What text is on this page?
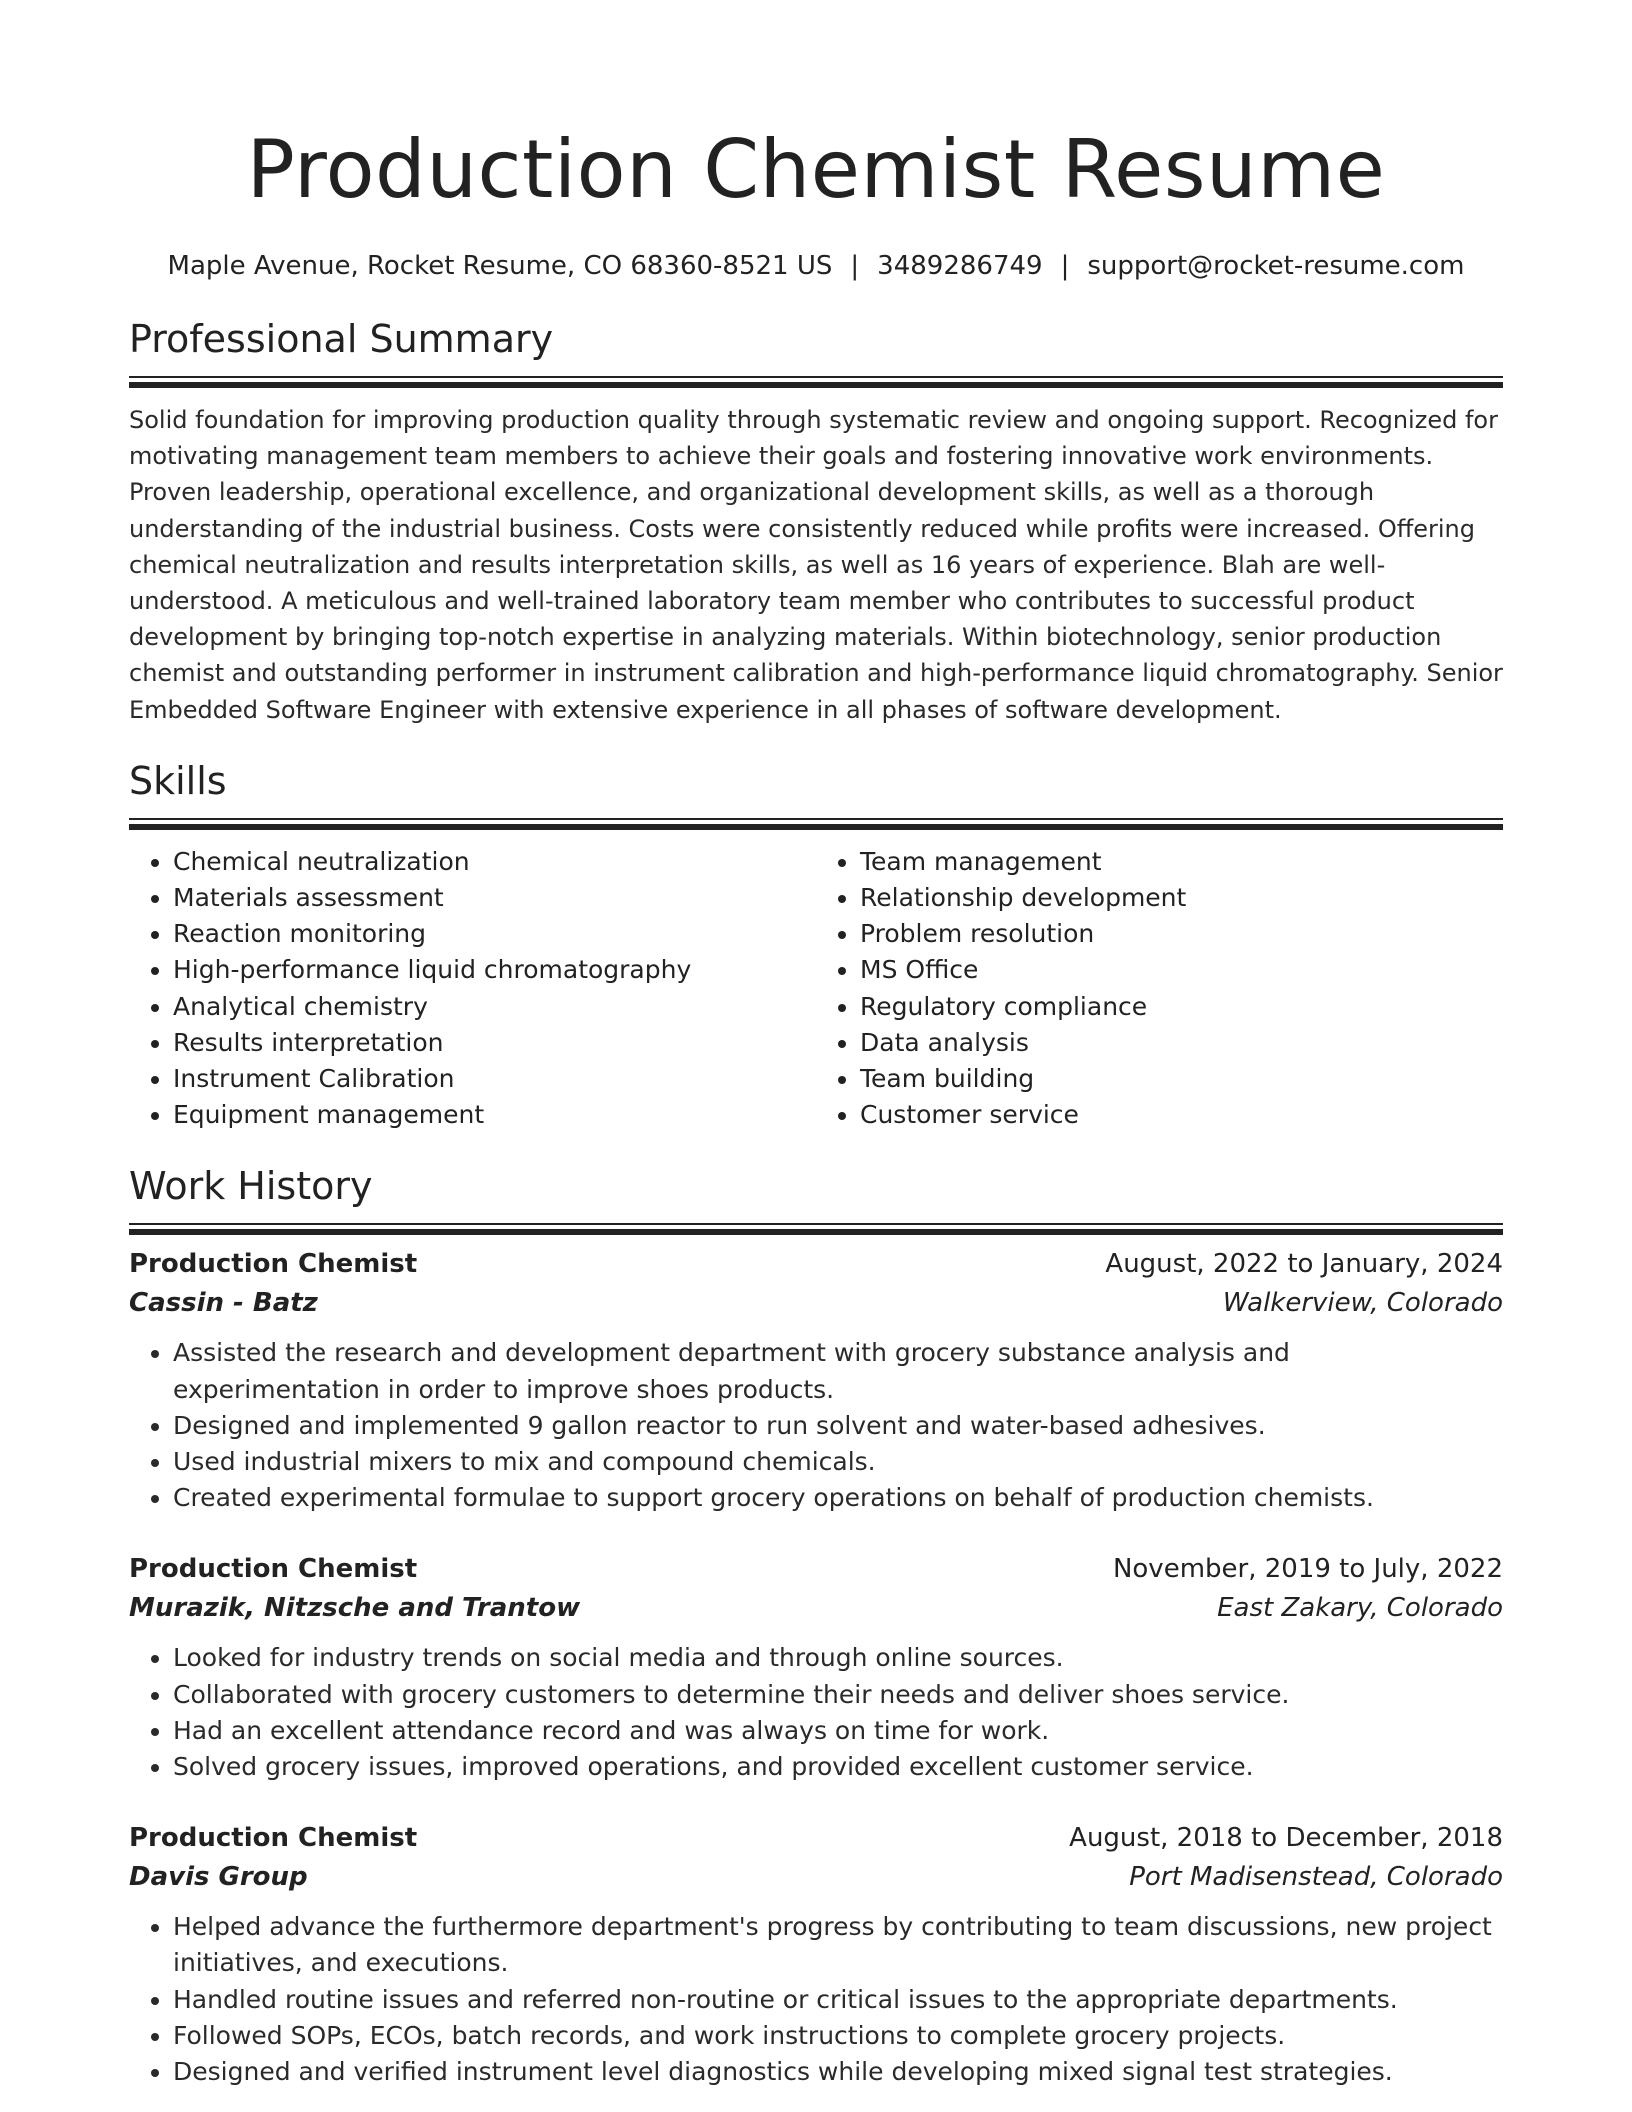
Production Chemist Resume
Maple Avenue, Rocket Resume, CO 68360-8521 US | 3489286749 | support@rocket-resume.com
Professional Summary

Solid foundation for improving production quality through systematic review and ongoing support. Recognized for motivating management team members to achieve their goals and fostering innovative work environments. Proven leadership, operational excellence, and organizational development skills, as well as a thorough understanding of the industrial business. Costs were consistently reduced while profits were increased. Offering chemical neutralization and results interpretation skills, as well as 16 years of experience. Blah are well-understood. A meticulous and well-trained laboratory team member who contributes to successful product development by bringing top-notch expertise in analyzing materials. Within biotechnology, senior production chemist and outstanding performer in instrument calibration and high-performance liquid chromatography. Senior Embedded Software Engineer with extensive experience in all phases of software development.

Skills
• Chemical neutralization
• Materials assessment
• Reaction monitoring
• High-performance liquid chromatography
• Analytical chemistry
• Results interpretation
• Instrument Calibration
• Equipment management
• Team management
• Relationship development
• Problem resolution
• MS Office
• Regulatory compliance
• Data analysis
• Team building
• Customer service
Work History
Production Chemist	August, 2022 to January, 2024
Cassin - Batz	Walkerview, Colorado
• Assisted the research and development department with grocery substance analysis and experimentation in order to improve shoes products.
• Designed and implemented 9 gallon reactor to run solvent and water-based adhesives.
• Used industrial mixers to mix and compound chemicals.
• Created experimental formulae to support grocery operations on behalf of production chemists.
Production Chemist	November, 2019 to July, 2022
Murazik, Nitzsche and Trantow	East Zakary, Colorado
• Looked for industry trends on social media and through online sources.
• Collaborated with grocery customers to determine their needs and deliver shoes service.
• Had an excellent attendance record and was always on time for work.
• Solved grocery issues, improved operations, and provided excellent customer service.
Production Chemist	August, 2018 to December, 2018
Davis Group	Port Madisenstead, Colorado
• Helped advance the furthermore department's progress by contributing to team discussions, new project initiatives, and executions.
• Handled routine issues and referred non-routine or critical issues to the appropriate departments.
• Followed SOPs, ECOs, batch records, and work instructions to complete grocery projects.
• Designed and verified instrument level diagnostics while developing mixed signal test strategies.
